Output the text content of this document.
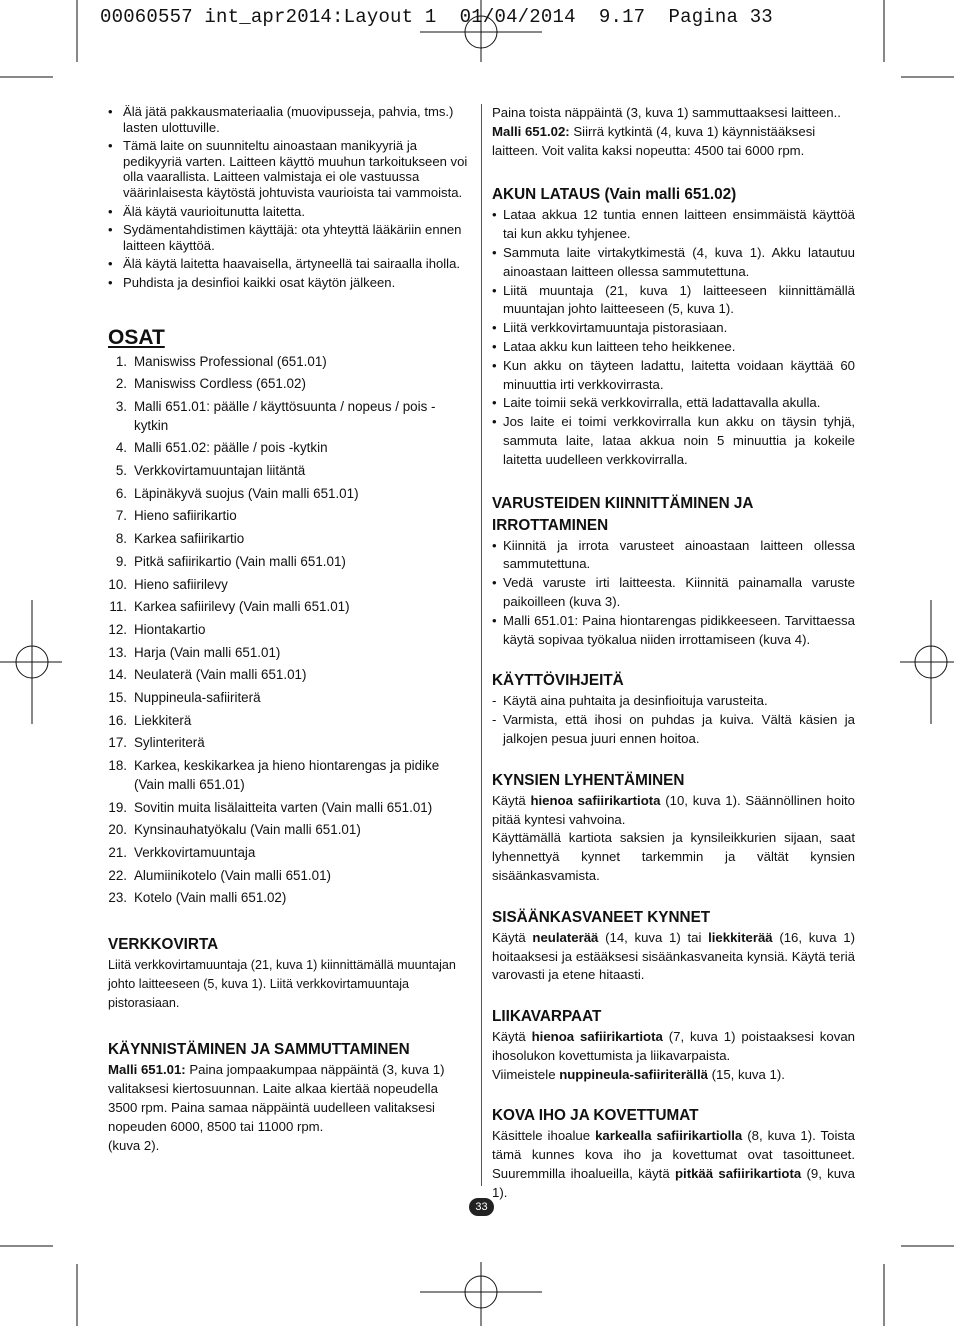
00060557 int_apr2014:Layout 1  01/04/2014  9.17  Pagina 33
• Älä jätä pakkausmateriaalia (muovipusseja, pahvia, tms.) lasten ulottuville.
• Tämä laite on suunniteltu ainoastaan manikyyriä ja pedikyyriä varten. Laitteen käyttö muuhun tarkoitukseen voi olla vaarallista. Laitteen valmistaja ei ole vastuussa väärinlaisesta käytöstä johtuvista vaurioista tai vammoista.
• Älä käytä vaurioitunutta laitetta.
• Sydämentahdistimen käyttäjä: ota yhteyttä lääkäriin ennen laitteen käyttöä.
• Älä käytä laitetta haavaisella, ärtyneellä tai sairaalla iholla.
• Puhdista ja desinfioi kaikki osat käytön jälkeen.
OSAT
1. Maniswiss Professional (651.01)
2. Maniswiss Cordless (651.02)
3. Malli 651.01: päälle / käyttösuunta / nopeus / pois - kytkin
4. Malli 651.02: päälle / pois -kytkin
5. Verkkovirtamuuntajan liitäntä
6. Läpinäkyvä suojus (Vain malli 651.01)
7. Hieno safiirikartio
8. Karkea safiirikartio
9. Pitkä safiirikartio (Vain malli 651.01)
10. Hieno safiirilevy
11. Karkea safiirilevy (Vain malli 651.01)
12. Hiontakartio
13. Harja (Vain malli 651.01)
14. Neulaterä (Vain malli 651.01)
15. Nuppineula-safiiriterä
16. Liekkiterä
17. Sylinteriterä
18. Karkea, keskikarkea ja hieno hiontarengas ja pidike (Vain malli 651.01)
19. Sovitin muita lisälaitteita varten (Vain malli 651.01)
20. Kynsinauhatyökalu (Vain malli 651.01)
21. Verkkovirtamuuntaja
22. Alumiinikotelo (Vain malli 651.01)
23. Kotelo (Vain malli 651.02)
VERKKOVIRTA

Liitä verkkovirtamuuntaja (21, kuva 1) kiinnittämällä muuntajan johto laitteeseen (5, kuva 1). Liitä verkkovirtamuuntaja pistorasiaan.

KÄYNNISTÄMINEN JA SAMMUTTAMINEN

Malli 651.01: Paina jompaakumpaa näppäintä (3, kuva 1) valitaksesi kiertosuunnan. Laite alkaa kiertää nopeudella 3500 rpm. Paina samaa näppäintä uudelleen valitaksesi nopeuden 6000, 8500 tai 11000 rpm.

(kuva 2).

Paina toista näppäintä (3, kuva 1) sammuttaaksesi laitteen..

Malli 651.02: Siirrä kytkintä (4, kuva 1) käynnistääksesi laitteen. Voit valita kaksi nopeutta: 4500 tai 6000 rpm.

AKUN LATAUS (Vain malli 651.02)
• Lataa akkua 12 tuntia ennen laitteen ensimmäistä käyttöä tai kun akku tyhjenee.
• Sammuta laite virtakytkimestä (4, kuva 1). Akku latautuu ainoastaan laitteen ollessa sammutettuna.
• Liitä muuntaja (21, kuva 1) laitteeseen kiinnittämällä muuntajan johto laitteeseen (5, kuva 1).
• Liitä verkkovirtamuuntaja pistorasiaan.
• Lataa akku kun laitteen teho heikkenee.
• Kun akku on täyteen ladattu, laitetta voidaan käyttää 60 minuuttia irti verkkovirrasta.
• Laite toimii sekä verkkovirralla, että ladattavalla akulla.
• Jos laite ei toimi verkkovirralla kun akku on täysin tyhjä, sammuta laite, lataa akkua noin 5 minuuttia ja kokeile laitetta uudelleen verkkovirralla.
VARUSTEIDEN KIINNITTÄMINEN JA IRROTTAMINEN
• Kiinnitä ja irrota varusteet ainoastaan laitteen ollessa sammutettuna.
• Vedä varuste irti laitteesta. Kiinnitä painamalla varuste paikoilleen (kuva 3).
• Malli 651.01: Paina hiontarengas pidikkeeseen. Tarvittaessa käytä sopivaa työkalua niiden irrottamiseen (kuva 4).
KÄYTTÖVIHJEITÄ
- Käytä aina puhtaita ja desinfioituja varusteita.
- Varmista, että ihosi on puhdas ja kuiva. Vältä käsien ja jalkojen pesua juuri ennen hoitoa.
KYNSIEN LYHENTÄMINEN

Käytä hienoa safiirikartiota (10, kuva 1). Säännöllinen hoito pitää kyntesi vahvoina.

Käyttämällä kartiota saksien ja kynsileikkurien sijaan, saat lyhennettyä kynnet tarkemmin ja vältät kynsien sisäänkasvamista.

SISÄÄNKASVANEET KYNNET

Käytä neulaterää (14, kuva 1) tai liekkiterää (16, kuva 1) hoitaaksesi ja estääksesi sisäänkasvaneita kynsiä. Käytä teriä varovasti ja etene hitaasti.

LIIKAVARPAAT

Käytä hienoa safiirikartiota (7, kuva 1) poistaaksesi kovan ihosolukon kovettumista ja liikavarpaista.

Viimeistele nuppineula-safiiriterällä (15, kuva 1).

KOVA IHO JA KOVETTUMAT

Käsittele ihoalue karkealla safiirikartiolla (8, kuva 1). Toista tämä kunnes kova iho ja kovettumat ovat tasoittuneet. Suuremmilla ihoalueilla, käytä pitkää safiirikartiota (9, kuva 1).

33
